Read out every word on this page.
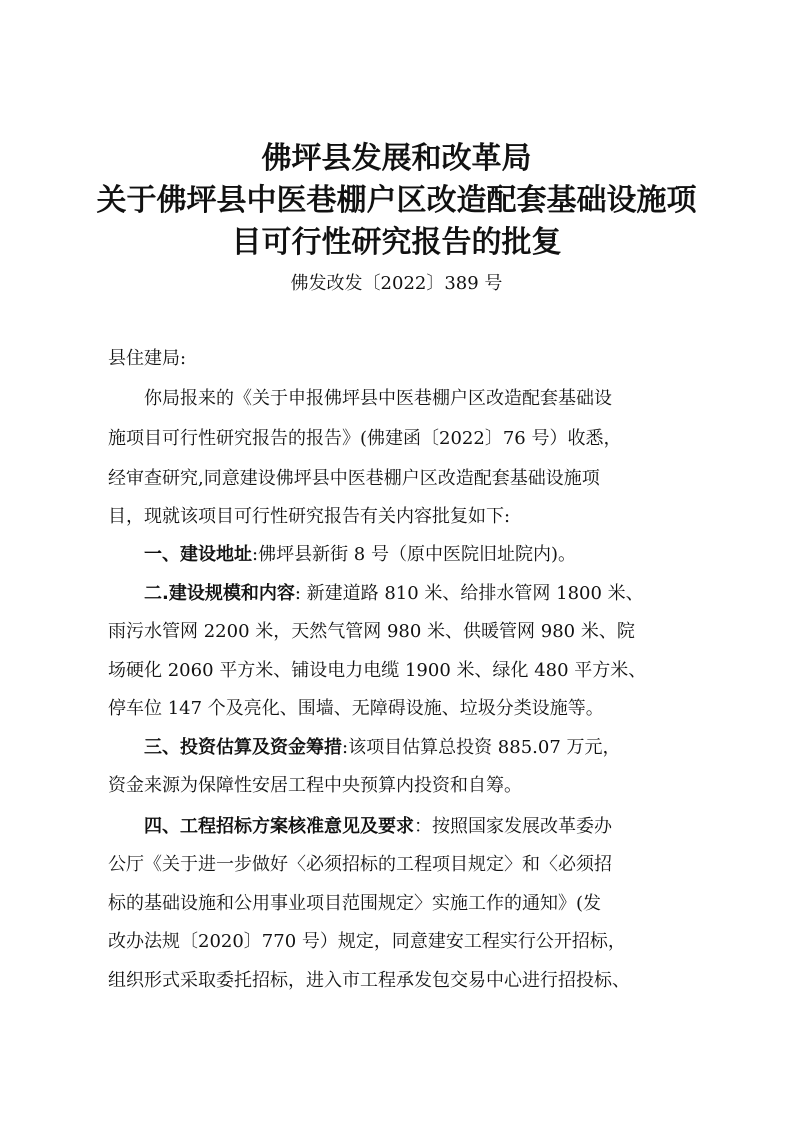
佛坪县发展和改革局
关于佛坪县中医巷棚户区改造配套基础设施项
目可行性研究报告的批复
佛发改发〔2022〕389 号
县住建局:
你局报来的《关于申报佛坪县中医巷棚户区改造配套基础设
施项目可行性研究报告的报告》(佛建函〔2022〕76 号）收悉，
经审查研究,同意建设佛坪县中医巷棚户区改造配套基础设施项
目，现就该项目可行性研究报告有关内容批复如下:
一、建设地址:佛坪县新街 8 号（原中医院旧址院内)。
二.建设规模和内容: 新建道路 810 米、给排水管网 1800 米、
雨污水管网 2200 米，天然气管网 980 米、供暖管网 980 米、院
场硬化 2060 平方米、铺设电力电缆 1900 米、绿化 480 平方米、
停车位 147 个及亮化、围墙、无障碍设施、垃圾分类设施等。
三、投资估算及资金筹措:该项目估算总投资 885.07 万元，
资金来源为保障性安居工程中央预算内投资和自筹。
四、工程招标方案核准意见及要求：按照国家发展改革委办
公厅《关于进一步做好〈必须招标的工程项目规定〉和〈必须招
标的基础设施和公用事业项目范围规定〉实施工作的通知》(发
改办法规〔2020〕770 号）规定，同意建安工程实行公开招标，
组织形式采取委托招标，进入市工程承发包交易中心进行招投标、
